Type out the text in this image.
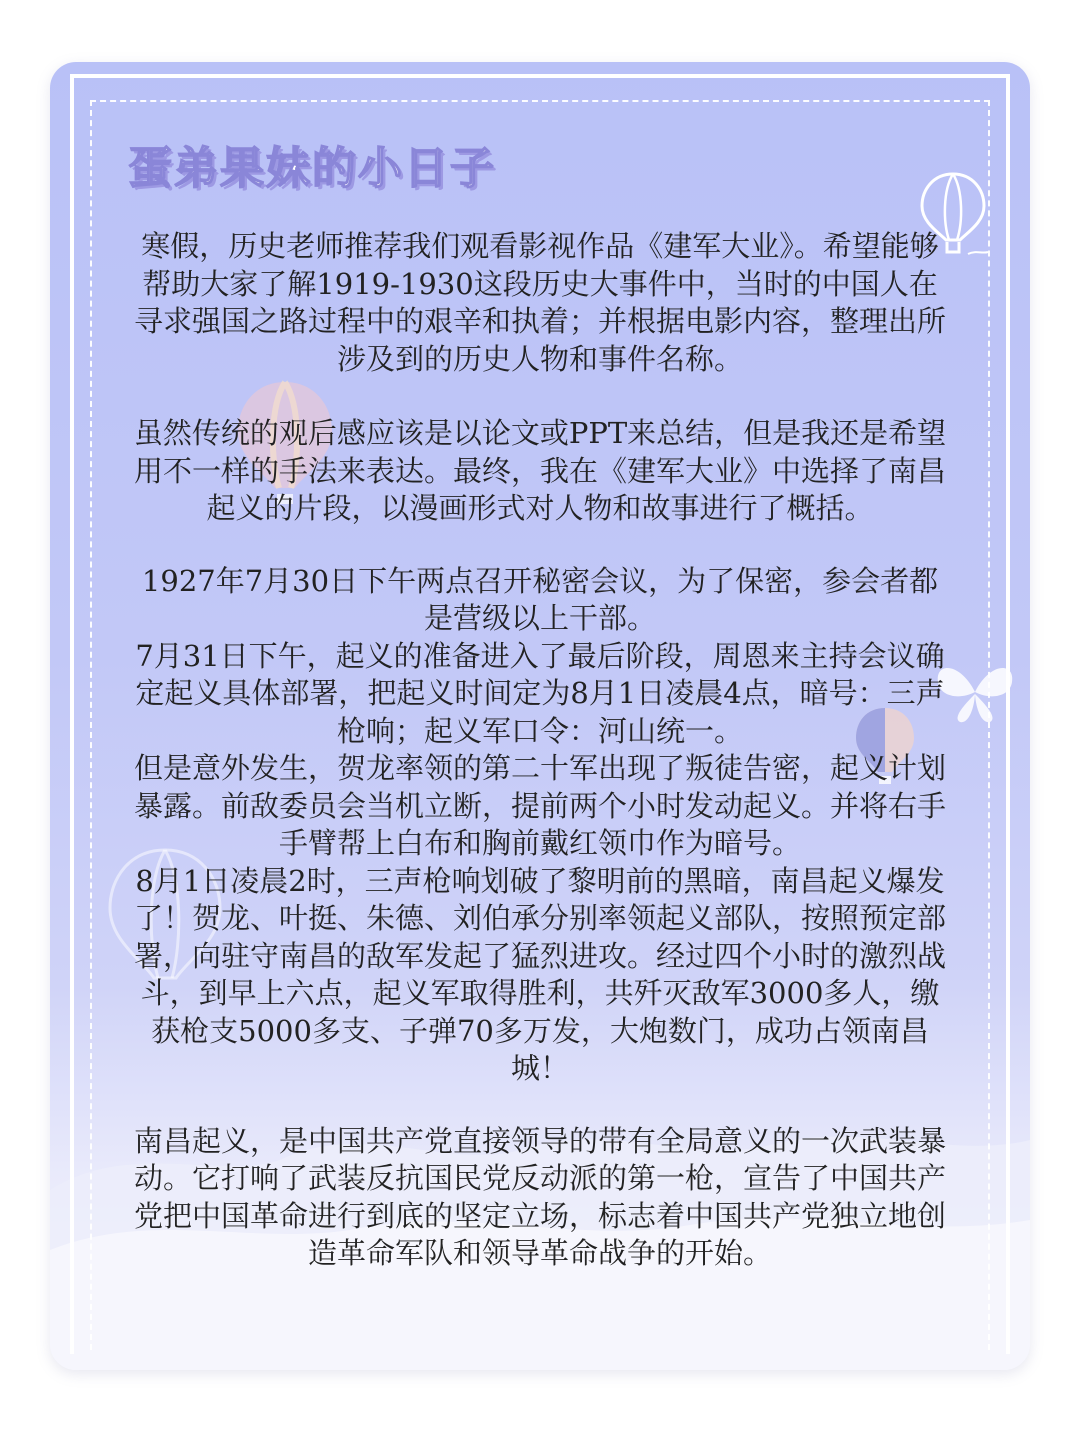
蛋弟果妹的小日子

寒假，历史老师推荐我们观看影视作品《建军大业》。希望能够帮助大家了解1919-1930这段历史大事件中，当时的中国人在寻求强国之路过程中的艰辛和执着；并根据电影内容，整理出所涉及到的历史人物和事件名称。

虽然传统的观后感应该是以论文或PPT来总结，但是我还是希望用不一样的手法来表达。最终，我在《建军大业》中选择了南昌起义的片段，以漫画形式对人物和故事进行了概括。

1927年7月30日下午两点召开秘密会议，为了保密，参会者都是营级以上干部。

7月31日下午，起义的准备进入了最后阶段，周恩来主持会议确定起义具体部署，把起义时间定为8月1日凌晨4点，暗号：三声枪响；起义军口令：河山统一。

但是意外发生，贺龙率领的第二十军出现了叛徒告密，起义计划暴露。前敌委员会当机立断，提前两个小时发动起义。并将右手手臂帮上白布和胸前戴红领巾作为暗号。

8月1日凌晨2时，三声枪响划破了黎明前的黑暗，南昌起义爆发了！贺龙、叶挺、朱德、刘伯承分别率领起义部队，按照预定部署，向驻守南昌的敌军发起了猛烈进攻。经过四个小时的激烈战斗，到早上六点，起义军取得胜利，共歼灭敌军3000多人，缴获枪支5000多支、子弹70多万发，大炮数门，成功占领南昌城！

南昌起义，是中国共产党直接领导的带有全局意义的一次武装暴动。它打响了武装反抗国民党反动派的第一枪，宣告了中国共产党把中国革命进行到底的坚定立场，标志着中国共产党独立地创造革命军队和领导革命战争的开始。
